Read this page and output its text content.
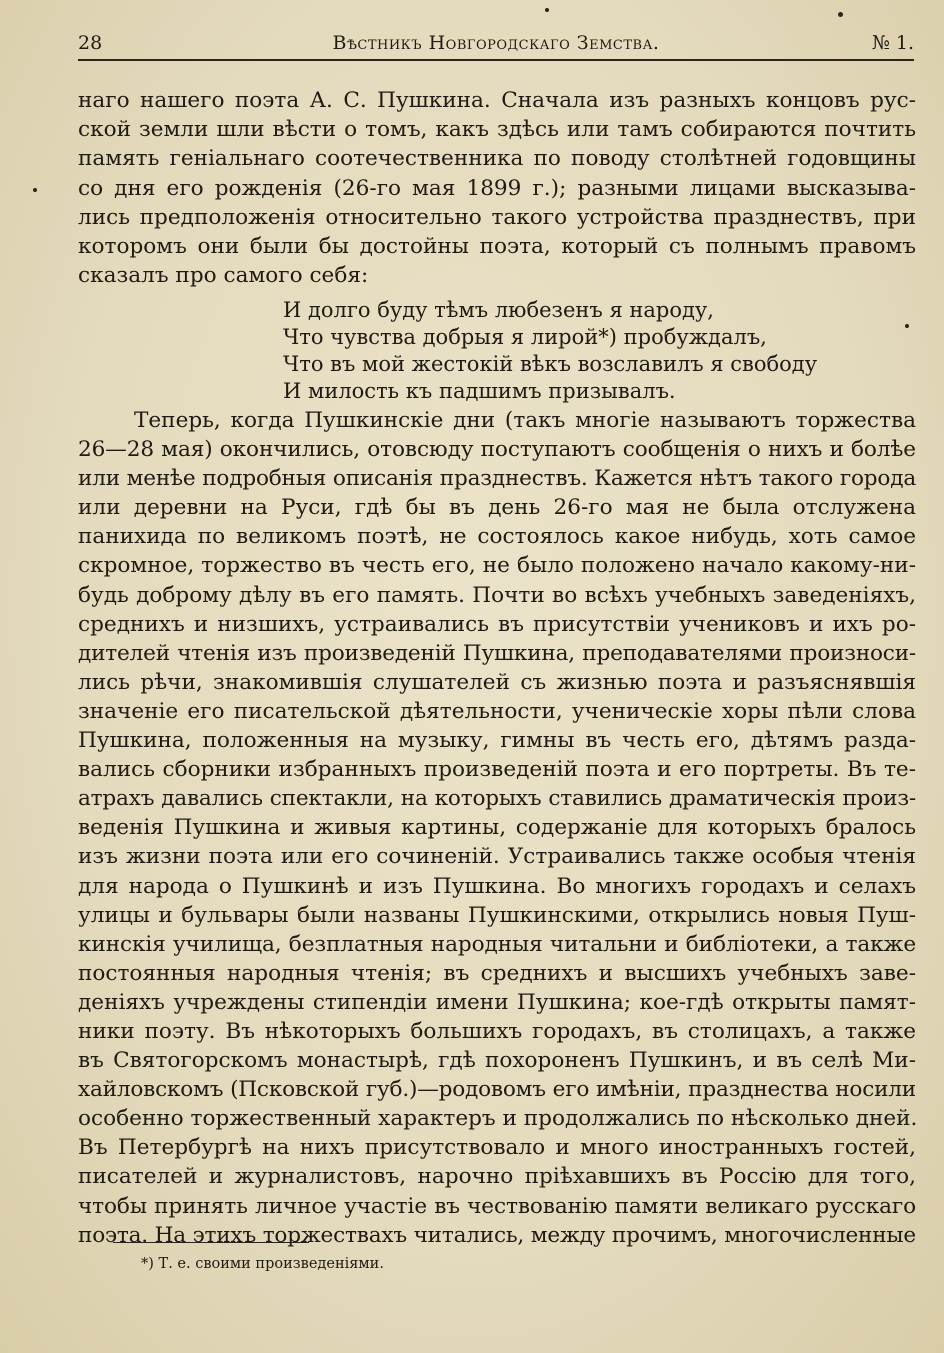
28	Вѣстникъ Новгородскаго Земства.	№ 1.
наго нашего поэта А. С. Пушкина. Сначала изъ разныхъ концовъ рус-
ской земли шли вѣсти о томъ, какъ здѣсь или тамъ собираются почтить
память геніальнаго соотечественника по поводу столѣтней годовщины
со дня его рожденія (26-го мая 1899 г.); разными лицами высказыва-
лись предположенія относительно такого устройства празднествъ, при
которомъ они были бы достойны поэта, который съ полнымъ правомъ
сказалъ про самого себя:
И долго буду тѣмъ любезенъ я народу,
Что чувства добрыя я лирой*) пробуждалъ,
Что въ мой жестокій вѣкъ возславилъ я свободу
И милость къ падшимъ призывалъ.
Теперь, когда Пушкинскіе дни (такъ многіе называютъ торжества
26—28 мая) окончились, отовсюду поступаютъ сообщенія о нихъ и болѣе
или менѣе подробныя описанія празднествъ. Кажется нѣтъ такого города
или деревни на Руси, гдѣ бы въ день 26-го мая не была отслужена
панихида по великомъ поэтѣ, не состоялось какое нибудь, хоть самое
скромное, торжество въ честь его, не было положено начало какому-ни-
будь доброму дѣлу въ его память. Почти во всѣхъ учебныхъ заведеніяхъ,
среднихъ и низшихъ, устраивались въ присутствіи учениковъ и ихъ ро-
дителей чтенія изъ произведеній Пушкина, преподавателями произноси-
лись рѣчи, знакомившія слушателей съ жизнью поэта и разъяснявшія
значеніе его писательской дѣятельности, ученическіе хоры пѣли слова
Пушкина, положенныя на музыку, гимны въ честь его, дѣтямъ разда-
вались сборники избранныхъ произведеній поэта и его портреты. Въ те-
атрахъ давались спектакли, на которыхъ ставились драматическія произ-
веденія Пушкина и живыя картины, содержаніе для которыхъ бралось
изъ жизни поэта или его сочиненій. Устраивались также особыя чтенія
для народа о Пушкинѣ и изъ Пушкина. Во многихъ городахъ и селахъ
улицы и бульвары были названы Пушкинскими, открылись новыя Пуш-
кинскія училища, безплатныя народныя читальни и библіотеки, а также
постоянныя народныя чтенія; въ среднихъ и высшихъ учебныхъ заве-
деніяхъ учреждены стипендіи имени Пушкина; кое-гдѣ открыты памят-
ники поэту. Въ нѣкоторыхъ большихъ городахъ, въ столицахъ, а также
въ Святогорскомъ монастырѣ, гдѣ похороненъ Пушкинъ, и въ селѣ Ми-
хайловскомъ (Псковской губ.)—родовомъ его имѣніи, празднества носили
особенно торжественный характеръ и продолжались по нѣсколько дней.
Въ Петербургѣ на нихъ присутствовало и много иностранныхъ гостей,
писателей и журналистовъ, нарочно пріѣхавшихъ въ Россію для того,
чтобы принять личное участіе въ чествованію памяти великаго русскаго
поэта. На этихъ торжествахъ читались, между прочимъ, многочисленные
*) Т. е. своими произведеніями.
